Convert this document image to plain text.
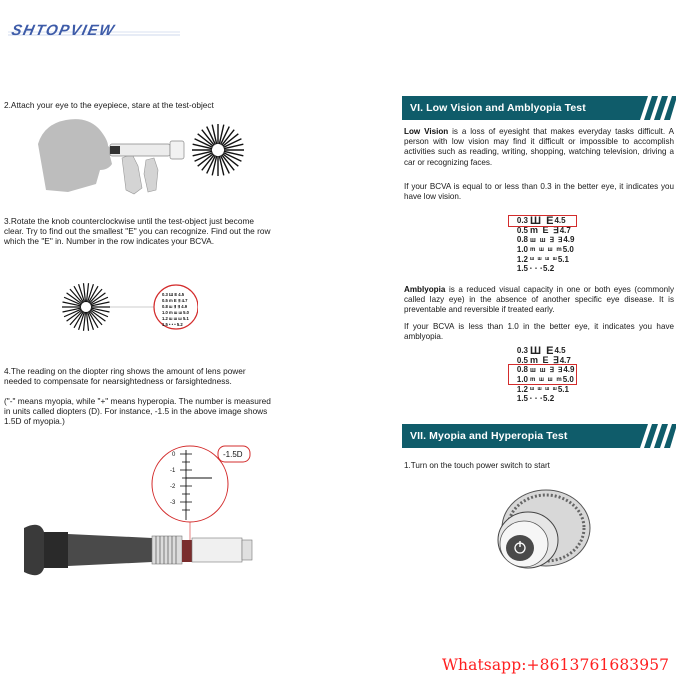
SHTOPVIEW
2.Attach your eye to the eyepiece, stare at the test-object
3.Rotate the knob counterclockwise until the test-object just become clear. Try to find out the smallest "E" you can recognize. Find out the row which the "E" in. Number in the row indicates your BCVA.
0.3 Ш E 4.5
0.5 m E ∃ 4.7
0.8 ш ∃ ∃ 4.9
1.0 m ш ш 5.0
1.2 ш ш ш 5.1
1.5 • • • 5.2
4.The reading on the diopter ring shows the amount of lens power needed to compensate for nearsightedness or farsightedness.
("-" means myopia, while "+" means hyperopia. The number is measured in units called diopters (D). For instance, -1.5 in the above image shows 1.5D of myopia.)
0
-1
-2
-3
-1.5D
VI. Low Vision and Amblyopia Test
Low Vision is a loss of eyesight that makes everyday tasks difficult. A person with low vision may find it difficult or impossible to accomplish activities such as reading, writing, shopping, watching television, driving a car or recognizing faces.
If your BCVA is equal to or less than 0.3 in the better eye, it indicates you have low vision.
0.3 Ш E 4.5
0.5 m E ∃ 4.7
0.8 ш ш ∃ ∃ 4.9
1.0 m ш ш m 5.0
1.2 ш ш ш ш 5.1
1.5 • • • 5.2
Amblyopia is a reduced visual capacity in one or both eyes (commonly called lazy eye) in the absence of another specific eye disease. It is preventable and reversible if treated early.
If your BCVA is less than 1.0 in the better eye, it indicates you have amblyopia.
0.3 Ш E 4.5
0.5 m E ∃ 4.7
0.8 ш ш ∃ ∃ 4.9
1.0 m ш ш m 5.0
1.2 ш ш ш ш 5.1
1.5 • • • 5.2
VII. Myopia and Hyperopia Test
1.Turn on the touch power switch to start
Whatsapp:+8613761683957
